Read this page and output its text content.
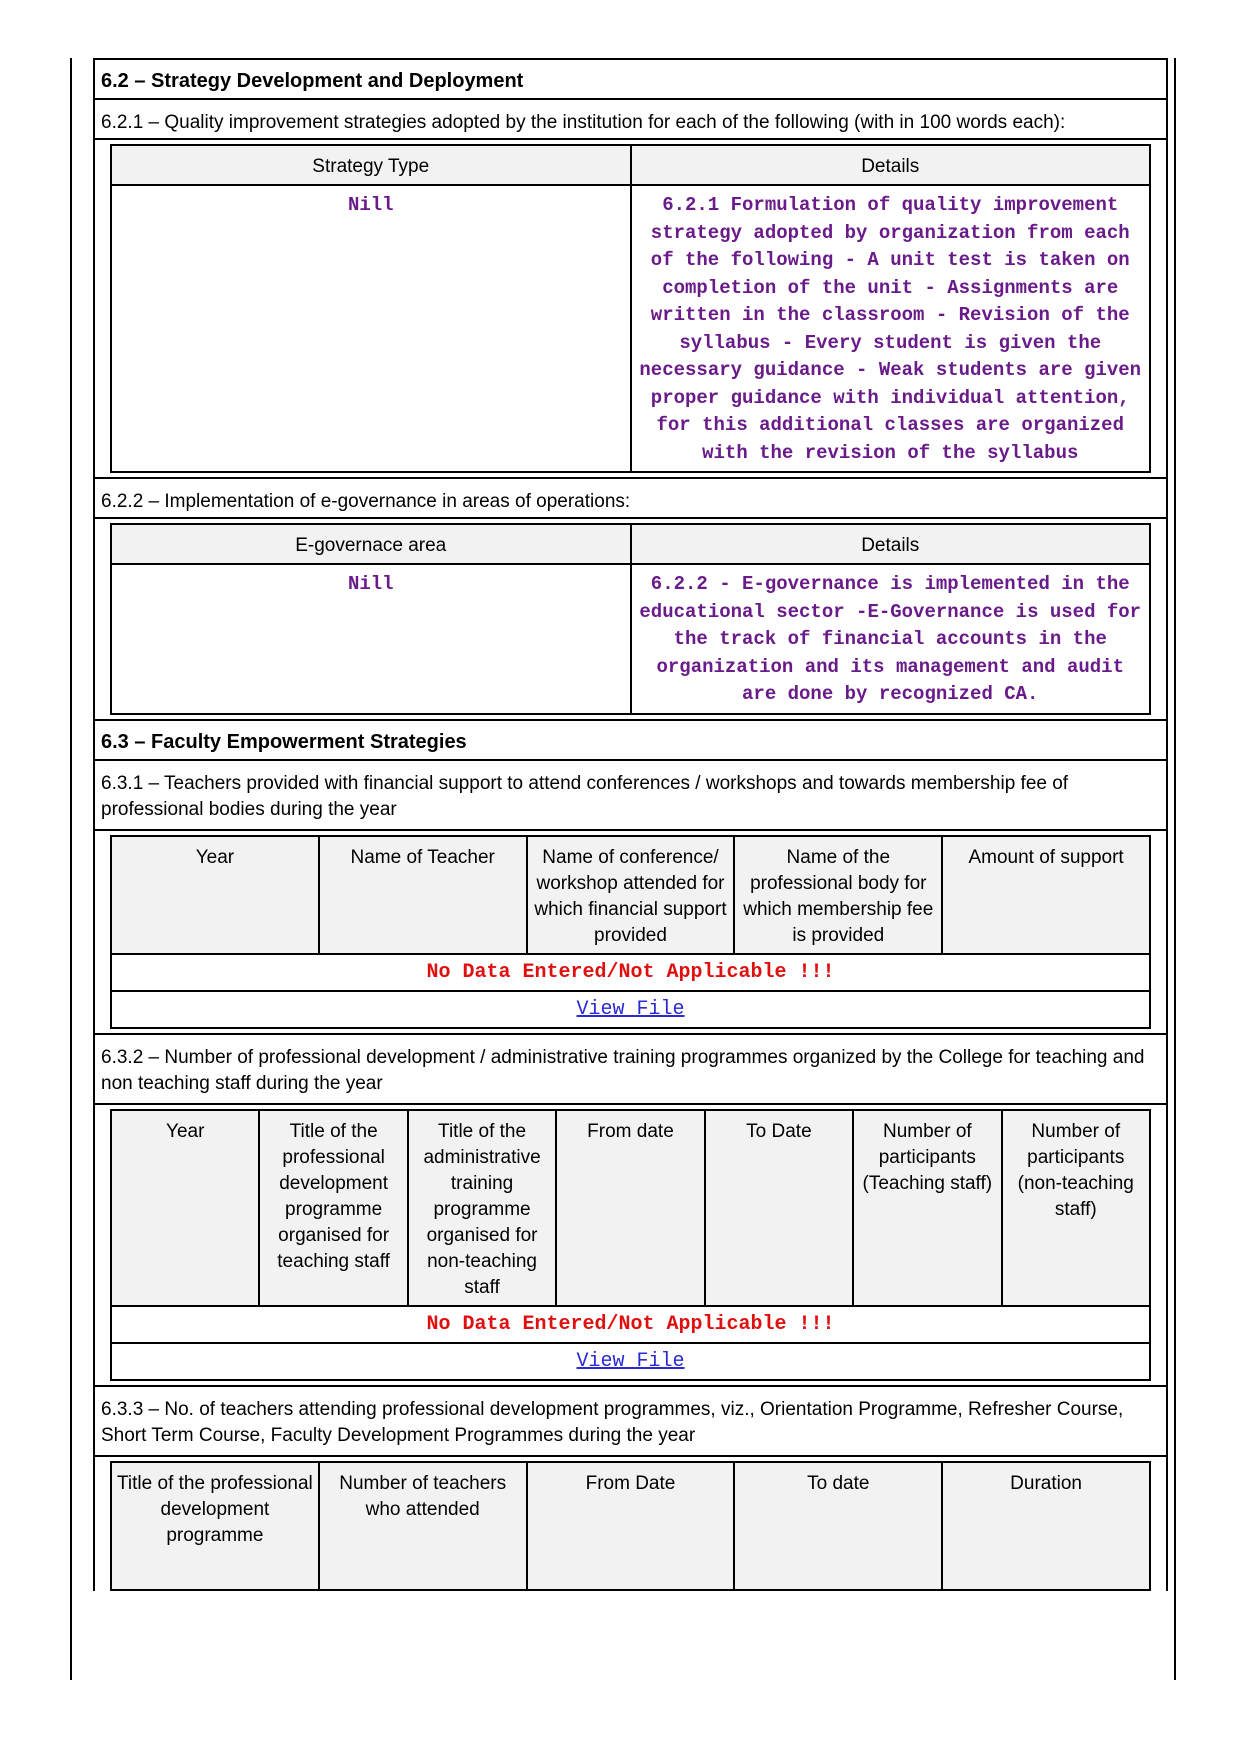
6.2 – Strategy Development and Deployment
6.2.1 – Quality improvement strategies adopted by the institution for each of the following (with in 100 words each):
Strategy Type	Details
Nill	6.2.1 Formulation of quality improvement strategy adopted by organization from each of the following - A unit test is taken on completion of the unit - Assignments are written in the classroom - Revision of the syllabus - Every student is given the necessary guidance - Weak students are given proper guidance with individual attention, for this additional classes are organized with the revision of the syllabus
6.2.2 – Implementation of e-governance in areas of operations:
E-governace area	Details
Nill	6.2.2 - E-governance is implemented in the educational sector -E-Governance is used for the track of financial accounts in the organization and its management and audit are done by recognized CA.
6.3 – Faculty Empowerment Strategies
6.3.1 – Teachers provided with financial support to attend conferences / workshops and towards membership fee of professional bodies during the year
Year	Name of Teacher	Name of conference/ workshop attended for which financial support provided	Name of the professional body for which membership fee is provided	Amount of support
No Data Entered/Not Applicable !!!
View File
6.3.2 – Number of professional development / administrative training programmes organized by the College for teaching and non teaching staff during the year
Year	Title of the professional development programme organised for teaching staff	Title of the administrative training programme organised for non-teaching staff	From date	To Date	Number of participants (Teaching staff)	Number of participants (non-teaching staff)
No Data Entered/Not Applicable !!!
View File
6.3.3 – No. of teachers attending professional development programmes, viz., Orientation Programme, Refresher Course, Short Term Course, Faculty Development Programmes during the year
Title of the professional development programme	Number of teachers who attended	From Date	To date	Duration
